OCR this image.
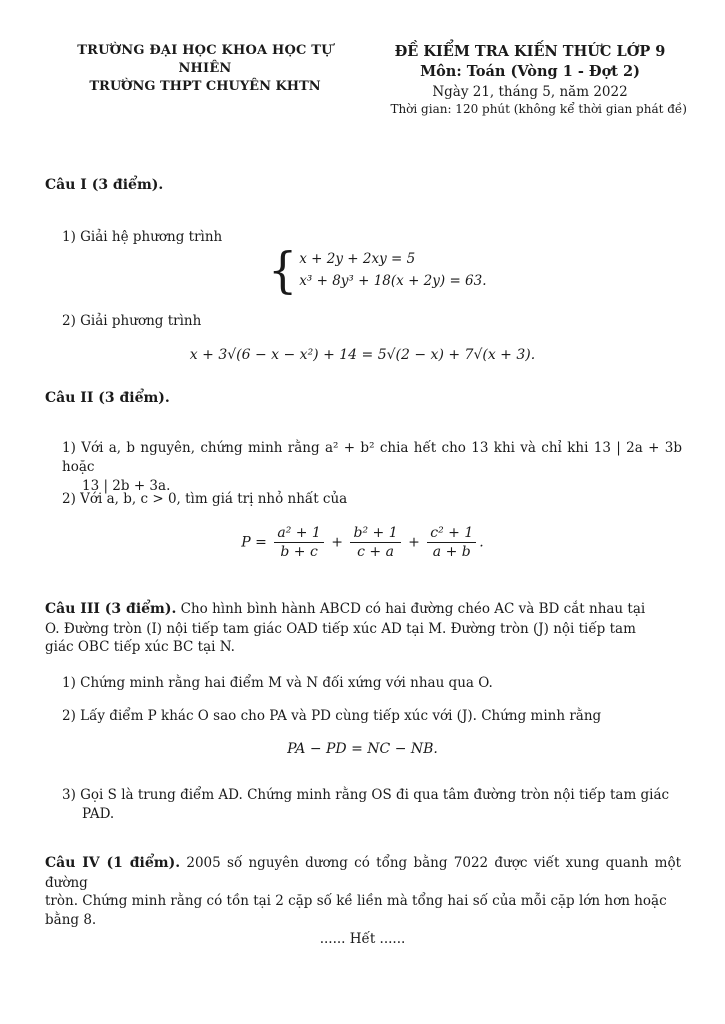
TRƯỜNG ĐẠI HỌC KHOA HỌC TỰ NHIÊN
TRƯỜNG THPT CHUYÊN KHTN
ĐỀ KIỂM TRA KIẾN THỨC LỚP 9
Môn: Toán (Vòng 1 - Đợt 2)
Ngày 21, tháng 5, năm 2022
Thời gian: 120 phút (không kể thời gian phát đề)
Câu I (3 điểm).
1) Giải hệ phương trình
{ x + 2y + 2xy = 5
x³ + 8y³ + 18(x + 2y) = 63.
2) Giải phương trình
x + 3√(6 − x − x²) + 14 = 5√(2 − x) + 7√(x + 3).
Câu II (3 điểm).
1) Với a, b nguyên, chứng minh rằng a² + b² chia hết cho 13 khi và chỉ khi 13 | 2a + 3b hoặc
13 | 2b + 3a.
2) Với a, b, c > 0, tìm giá trị nhỏ nhất của
$P = \frac{\text{a² + 1}}{b + c} + \frac{\text{b² + 1}}{c + a} + \frac{\text{c² + 1}}{a + b}$ .
Câu III (3 điểm). Cho hình bình hành ABCD có hai đường chéo AC và BD cắt nhau tại
O. Đường tròn (I) nội tiếp tam giác OAD tiếp xúc AD tại M. Đường tròn (J) nội tiếp tam
giác OBC tiếp xúc BC tại N.
1) Chứng minh rằng hai điểm M và N đối xứng với nhau qua O.
2) Lấy điểm P khác O sao cho PA và PD cùng tiếp xúc với (J). Chứng minh rằng
PA − PD = NC − NB.
3) Gọi S là trung điểm AD. Chứng minh rằng OS đi qua tâm đường tròn nội tiếp tam giác
PAD.
Câu IV (1 điểm). 2005 số nguyên dương có tổng bằng 7022 được viết xung quanh một đường
tròn. Chứng minh rằng có tồn tại 2 cặp số kề liền mà tổng hai số của mỗi cặp lớn hơn hoặc
bằng 8.
...... Hết ......
